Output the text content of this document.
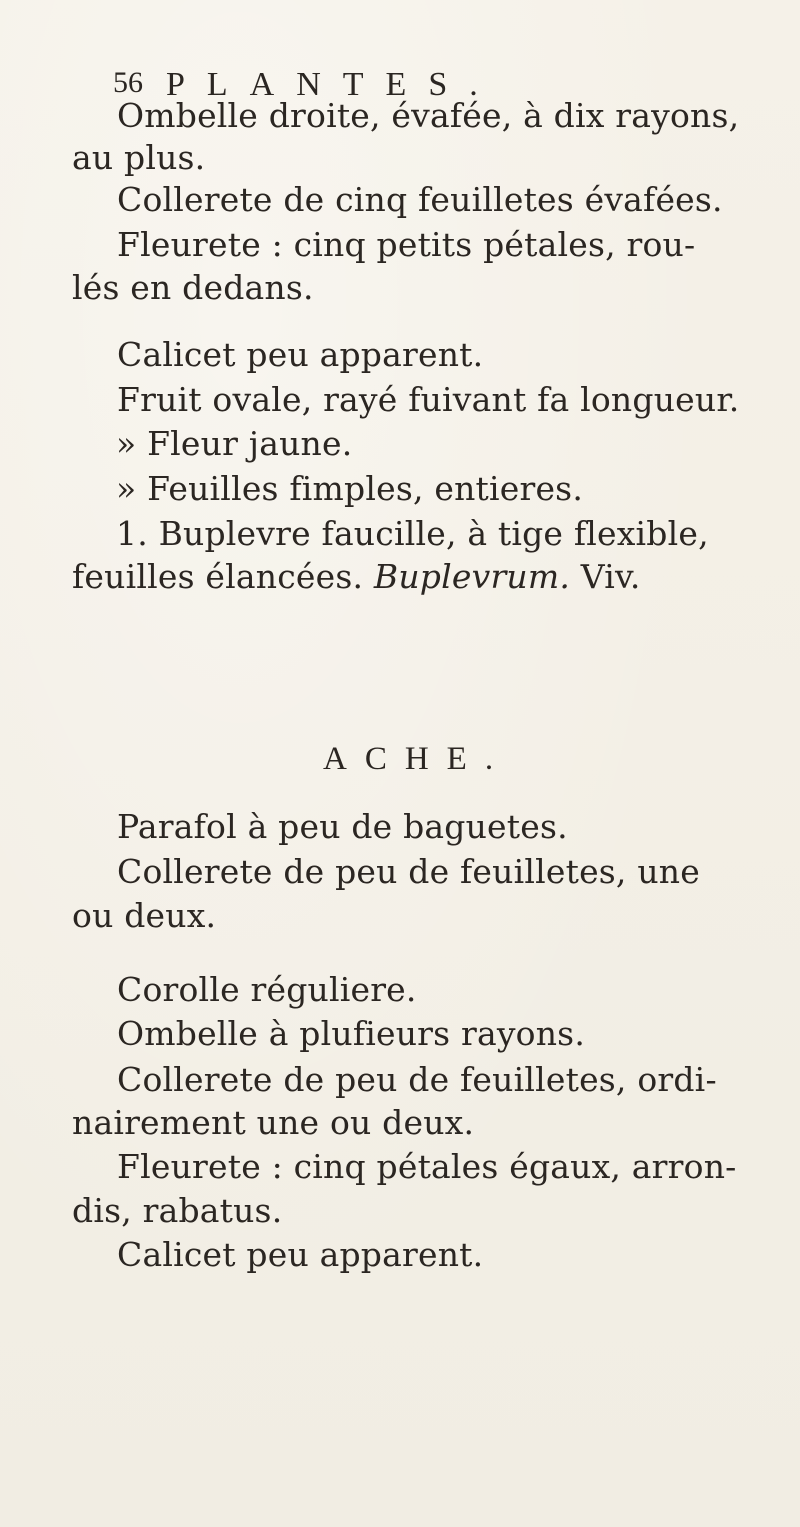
56 PLANTES.
Ombelle droite, évafée, à dix rayons,
au plus.
Collerete de cinq feuilletes évafées.
Fleurete : cinq petits pétales, rou-
lés en dedans.
Calicet peu apparent.
Fruit ovale, rayé fuivant fa longueur.
» Fleur jaune.
» Feuilles fimples, entieres.
1. Buplevre faucille, à tige flexible,
feuilles élancées. Buplevrum. Viv.
ACHE.
Parafol à peu de baguetes.
Collerete de peu de feuilletes, une
ou deux.
Corolle réguliere.
Ombelle à plufieurs rayons.
Collerete de peu de feuilletes, ordi-
nairement une ou deux.
Fleurete : cinq pétales égaux, arron-
dis, rabatus.
Calicet peu apparent.
